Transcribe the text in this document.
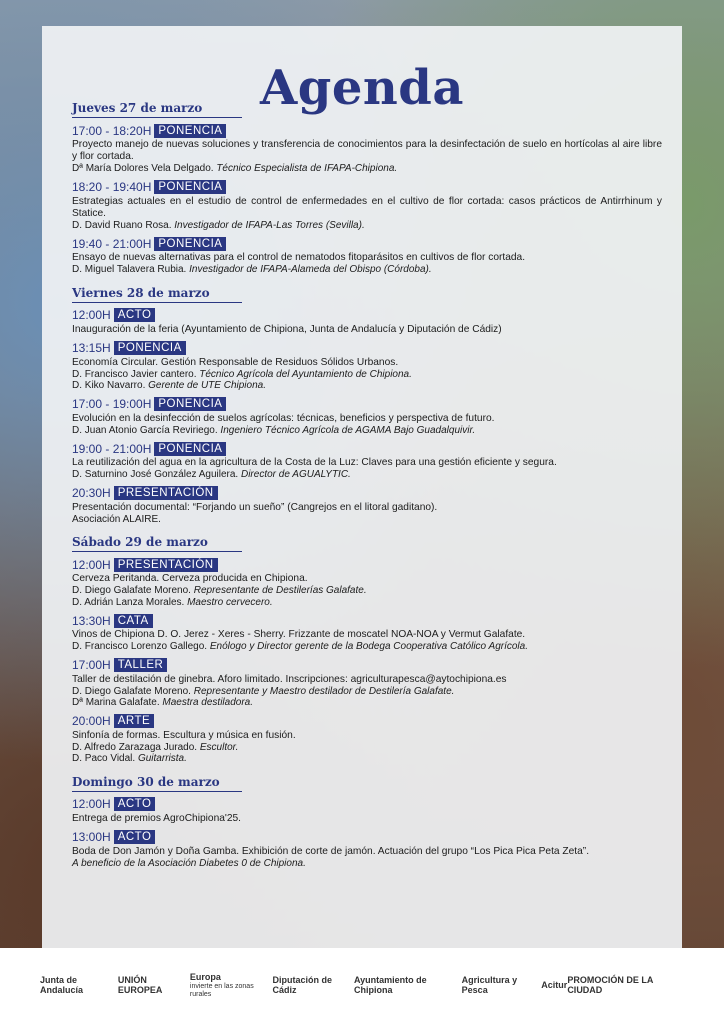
Agenda
Jueves 27 de marzo
17:00 - 18:20H PONENCIA
Proyecto manejo de nuevas soluciones y transferencia de conocimientos para la desinfectación de suelo en hortícolas al aire libre y flor cortada.
Dª María Dolores Vela Delgado. Técnico Especialista de IFAPA-Chipiona.
18:20 - 19:40H PONENCIA
Estrategias actuales en el estudio de control de enfermedades en el cultivo de flor cortada: casos prácticos de Antirrhinum y Statice.
D. David Ruano Rosa. Investigador de IFAPA-Las Torres (Sevilla).
19:40 - 21:00H PONENCIA
Ensayo de nuevas alternativas para el control de nematodos fitoparásitos en cultivos de flor cortada.
D. Miguel Talavera Rubia. Investigador de IFAPA-Alameda del Obispo (Córdoba).
Viernes 28 de marzo
12:00H ACTO
Inauguración de la feria (Ayuntamiento de Chipiona, Junta de Andalucía y Diputación de Cádiz)
13:15H PONENCIA
Economía Circular. Gestión Responsable de Residuos Sólidos Urbanos.
D. Francisco Javier cantero. Técnico Agrícola del Ayuntamiento de Chipiona.
D. Kiko Navarro. Gerente de UTE Chipiona.
17:00 - 19:00H PONENCIA
Evolución en la desinfección de suelos agrícolas: técnicas, beneficios y perspectiva de futuro.
D. Juan Atonio García Reviriego. Ingeniero Técnico Agrícola de AGAMA Bajo Guadalquivir.
19:00 - 21:00H PONENCIA
La reutilización del agua en la agricultura de la Costa de la Luz: Claves para una gestión eficiente y segura.
D. Saturnino José González Aguilera. Director de AGUALYTIC.
20:30H PRESENTACIÓN
Presentación documental: “Forjando un sueño” (Cangrejos en el litoral gaditano).
Asociación ALAIRE.
Sábado 29 de marzo
12:00H PRESENTACIÓN
Cerveza Peritanda. Cerveza producida en Chipiona.
D. Diego Galafate Moreno. Representante de Destilerías Galafate.
D. Adrián Lanza Morales. Maestro cervecero.
13:30H CATA
Vinos de Chipiona D. O. Jerez - Xeres - Sherry. Frizzante de moscatel NOA-NOA y Vermut Galafate.
D. Francisco Lorenzo Gallego. Enólogo y Director gerente de la Bodega Cooperativa Católico Agrícola.
17:00H TALLER
Taller de destilación de ginebra. Aforo limitado. Inscripciones: agriculturapesca@aytochipiona.es
D. Diego Galafate Moreno. Representante y Maestro destilador de Destilería Galafate.
Dª Marina Galafate. Maestra destiladora.
20:00H ARTE
Sinfonía de formas. Escultura y música en fusión.
D. Alfredo Zarazaga Jurado. Escultor.
D. Paco Vidal. Guitarrista.
Domingo 30 de marzo
12:00H ACTO
Entrega de premios AgroChipiona'25.
13:00H ACTO
Boda de Don Jamón y Doña Gamba. Exhibición de corte de jamón. Actuación del grupo “Los Pica Pica Peta Zeta”.
A beneficio de la Asociación Diabetes 0 de Chipiona.
Junta de Andalucía
UNIÓN EUROPEA
Europa
invierte en las zonas rurales
Diputación de Cádiz
Ayuntamiento de Chipiona
Agricultura y Pesca	Acitur PROMOCIÓN DE LA CIUDAD
